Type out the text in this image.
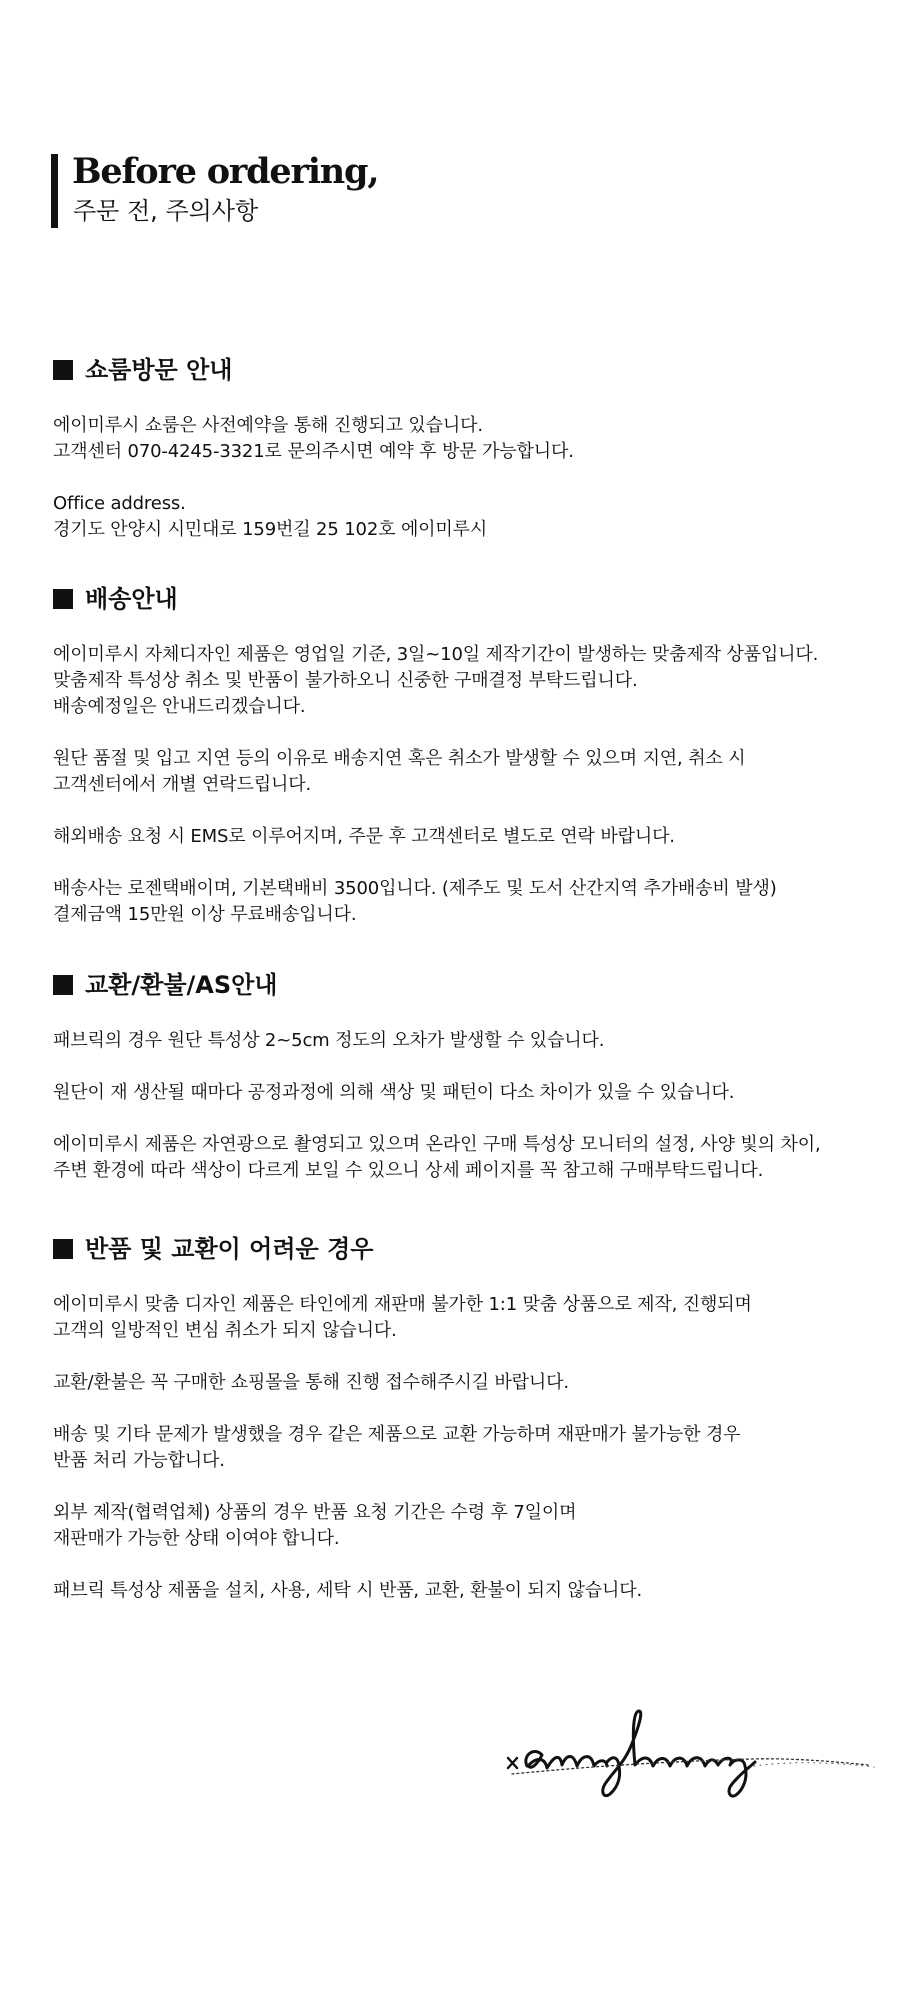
Before ordering,
주문 전, 주의사항
쇼룸방문 안내
에이미루시 쇼룸은 사전예약을 통해 진행되고 있습니다.
고객센터 070-4245-3321로 문의주시면 예약 후 방문 가능합니다.
Office address.
경기도 안양시 시민대로 159번길 25 102호 에이미루시
배송안내
에이미루시 자체디자인 제품은 영업일 기준, 3일~10일 제작기간이 발생하는 맞춤제작 상품입니다.
맞춤제작 특성상 취소 및 반품이 불가하오니 신중한 구매결정 부탁드립니다.
배송예정일은 안내드리겠습니다.
원단 품절 및 입고 지연 등의 이유로 배송지연 혹은 취소가 발생할 수 있으며 지연, 취소 시
고객센터에서 개별 연락드립니다.
해외배송 요청 시 EMS로 이루어지며, 주문 후 고객센터로 별도로 연락 바랍니다.
배송사는 로젠택배이며, 기본택배비 3500입니다. (제주도 및 도서 산간지역 추가배송비 발생)
결제금액 15만원 이상 무료배송입니다.
교환/환불/AS안내
패브릭의 경우 원단 특성상 2~5cm 정도의 오차가 발생할 수 있습니다.
원단이 재 생산될 때마다 공정과정에 의해 색상 및 패턴이 다소 차이가 있을 수 있습니다.
에이미루시 제품은 자연광으로 촬영되고 있으며 온라인 구매 특성상 모니터의 설정, 사양 빛의 차이,
주변 환경에 따라 색상이 다르게 보일 수 있으니 상세 페이지를 꼭 참고해 구매부탁드립니다.
반품 및 교환이 어려운 경우
에이미루시 맞춤 디자인 제품은 타인에게 재판매 불가한 1:1 맞춤 상품으로 제작, 진행되며
고객의 일방적인 변심 취소가 되지 않습니다.
교환/환불은 꼭 구매한 쇼핑몰을 통해 진행 접수해주시길 바랍니다.
배송 및 기타 문제가 발생했을 경우 같은 제품으로 교환 가능하며 재판매가 불가능한 경우
반품 처리 가능합니다.
외부 제작(협력업체) 상품의 경우 반품 요청 기간은 수령 후 7일이며
재판매가 가능한 상태 이여야 합니다.
패브릭 특성상 제품을 설치, 사용, 세탁 시 반품, 교환, 환불이 되지 않습니다.
